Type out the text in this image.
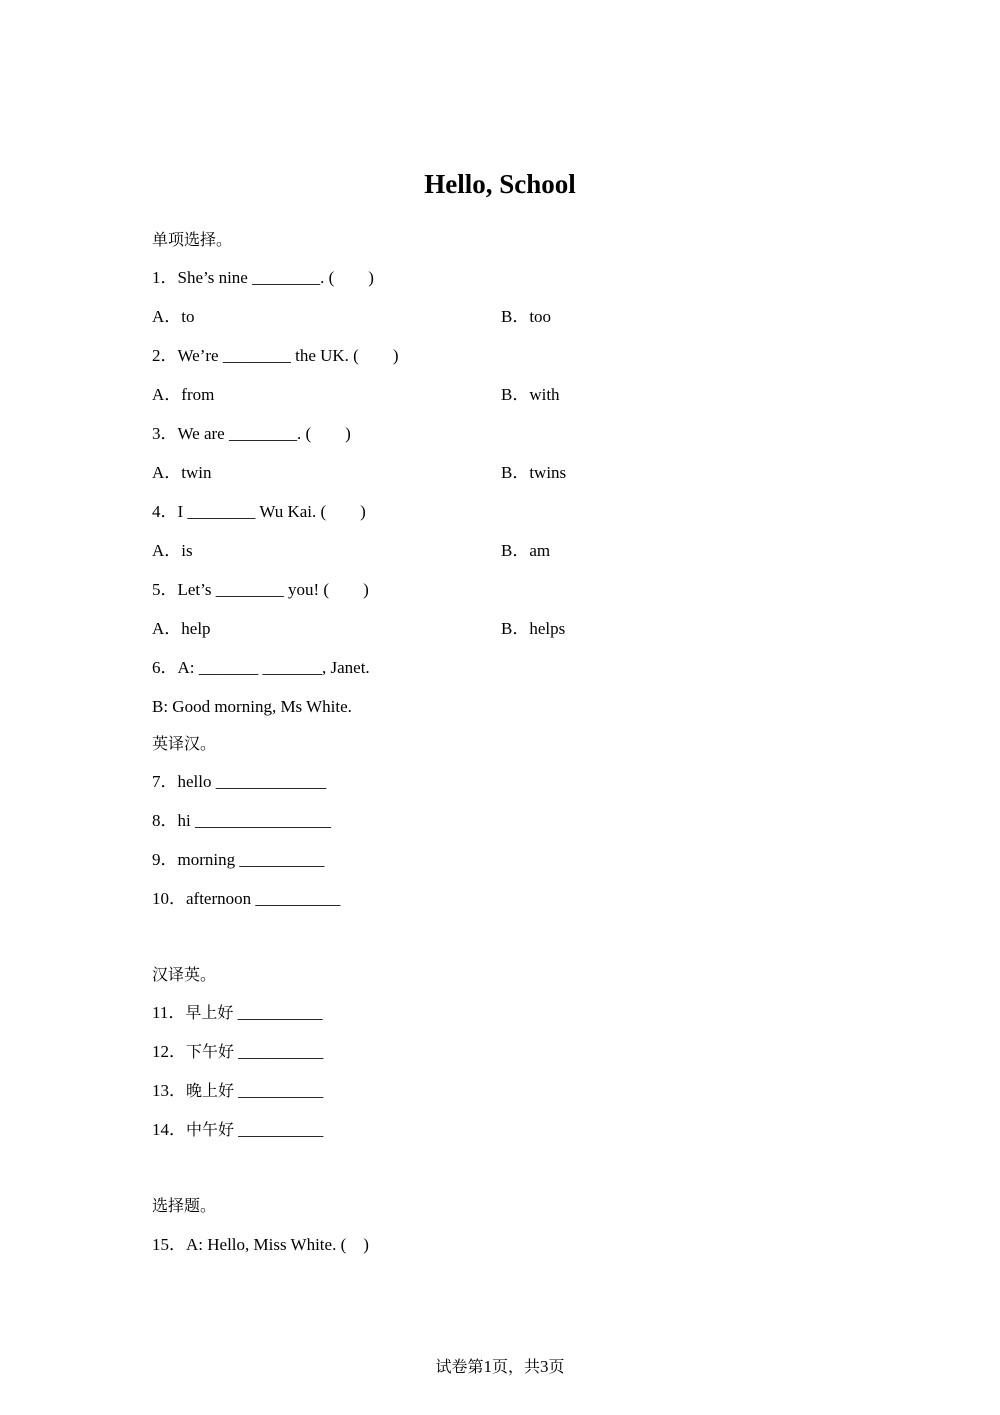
Hello, School
单项选择。
1．She’s nine ________. (　　)
A．to	B．too
2．We’re ________ the UK. (　　)
A．from	B．with
3．We are ________. (　　)
A．twin	B．twins
4．I ________ Wu Kai. (　　)
A．is	B．am
5．Let’s ________ you! (　　)
A．help	B．helps
6．A: _______ _______, Janet.
B: Good morning, Ms White.
英译汉。
7．hello _____________
8．hi ________________
9．morning __________
10．afternoon __________
汉译英。
11．早上好 __________
12．下午好 __________
13．晚上好 __________
14．中午好 __________
选择题。
15．A: Hello, Miss White. (　)
试卷第1页，共3页
